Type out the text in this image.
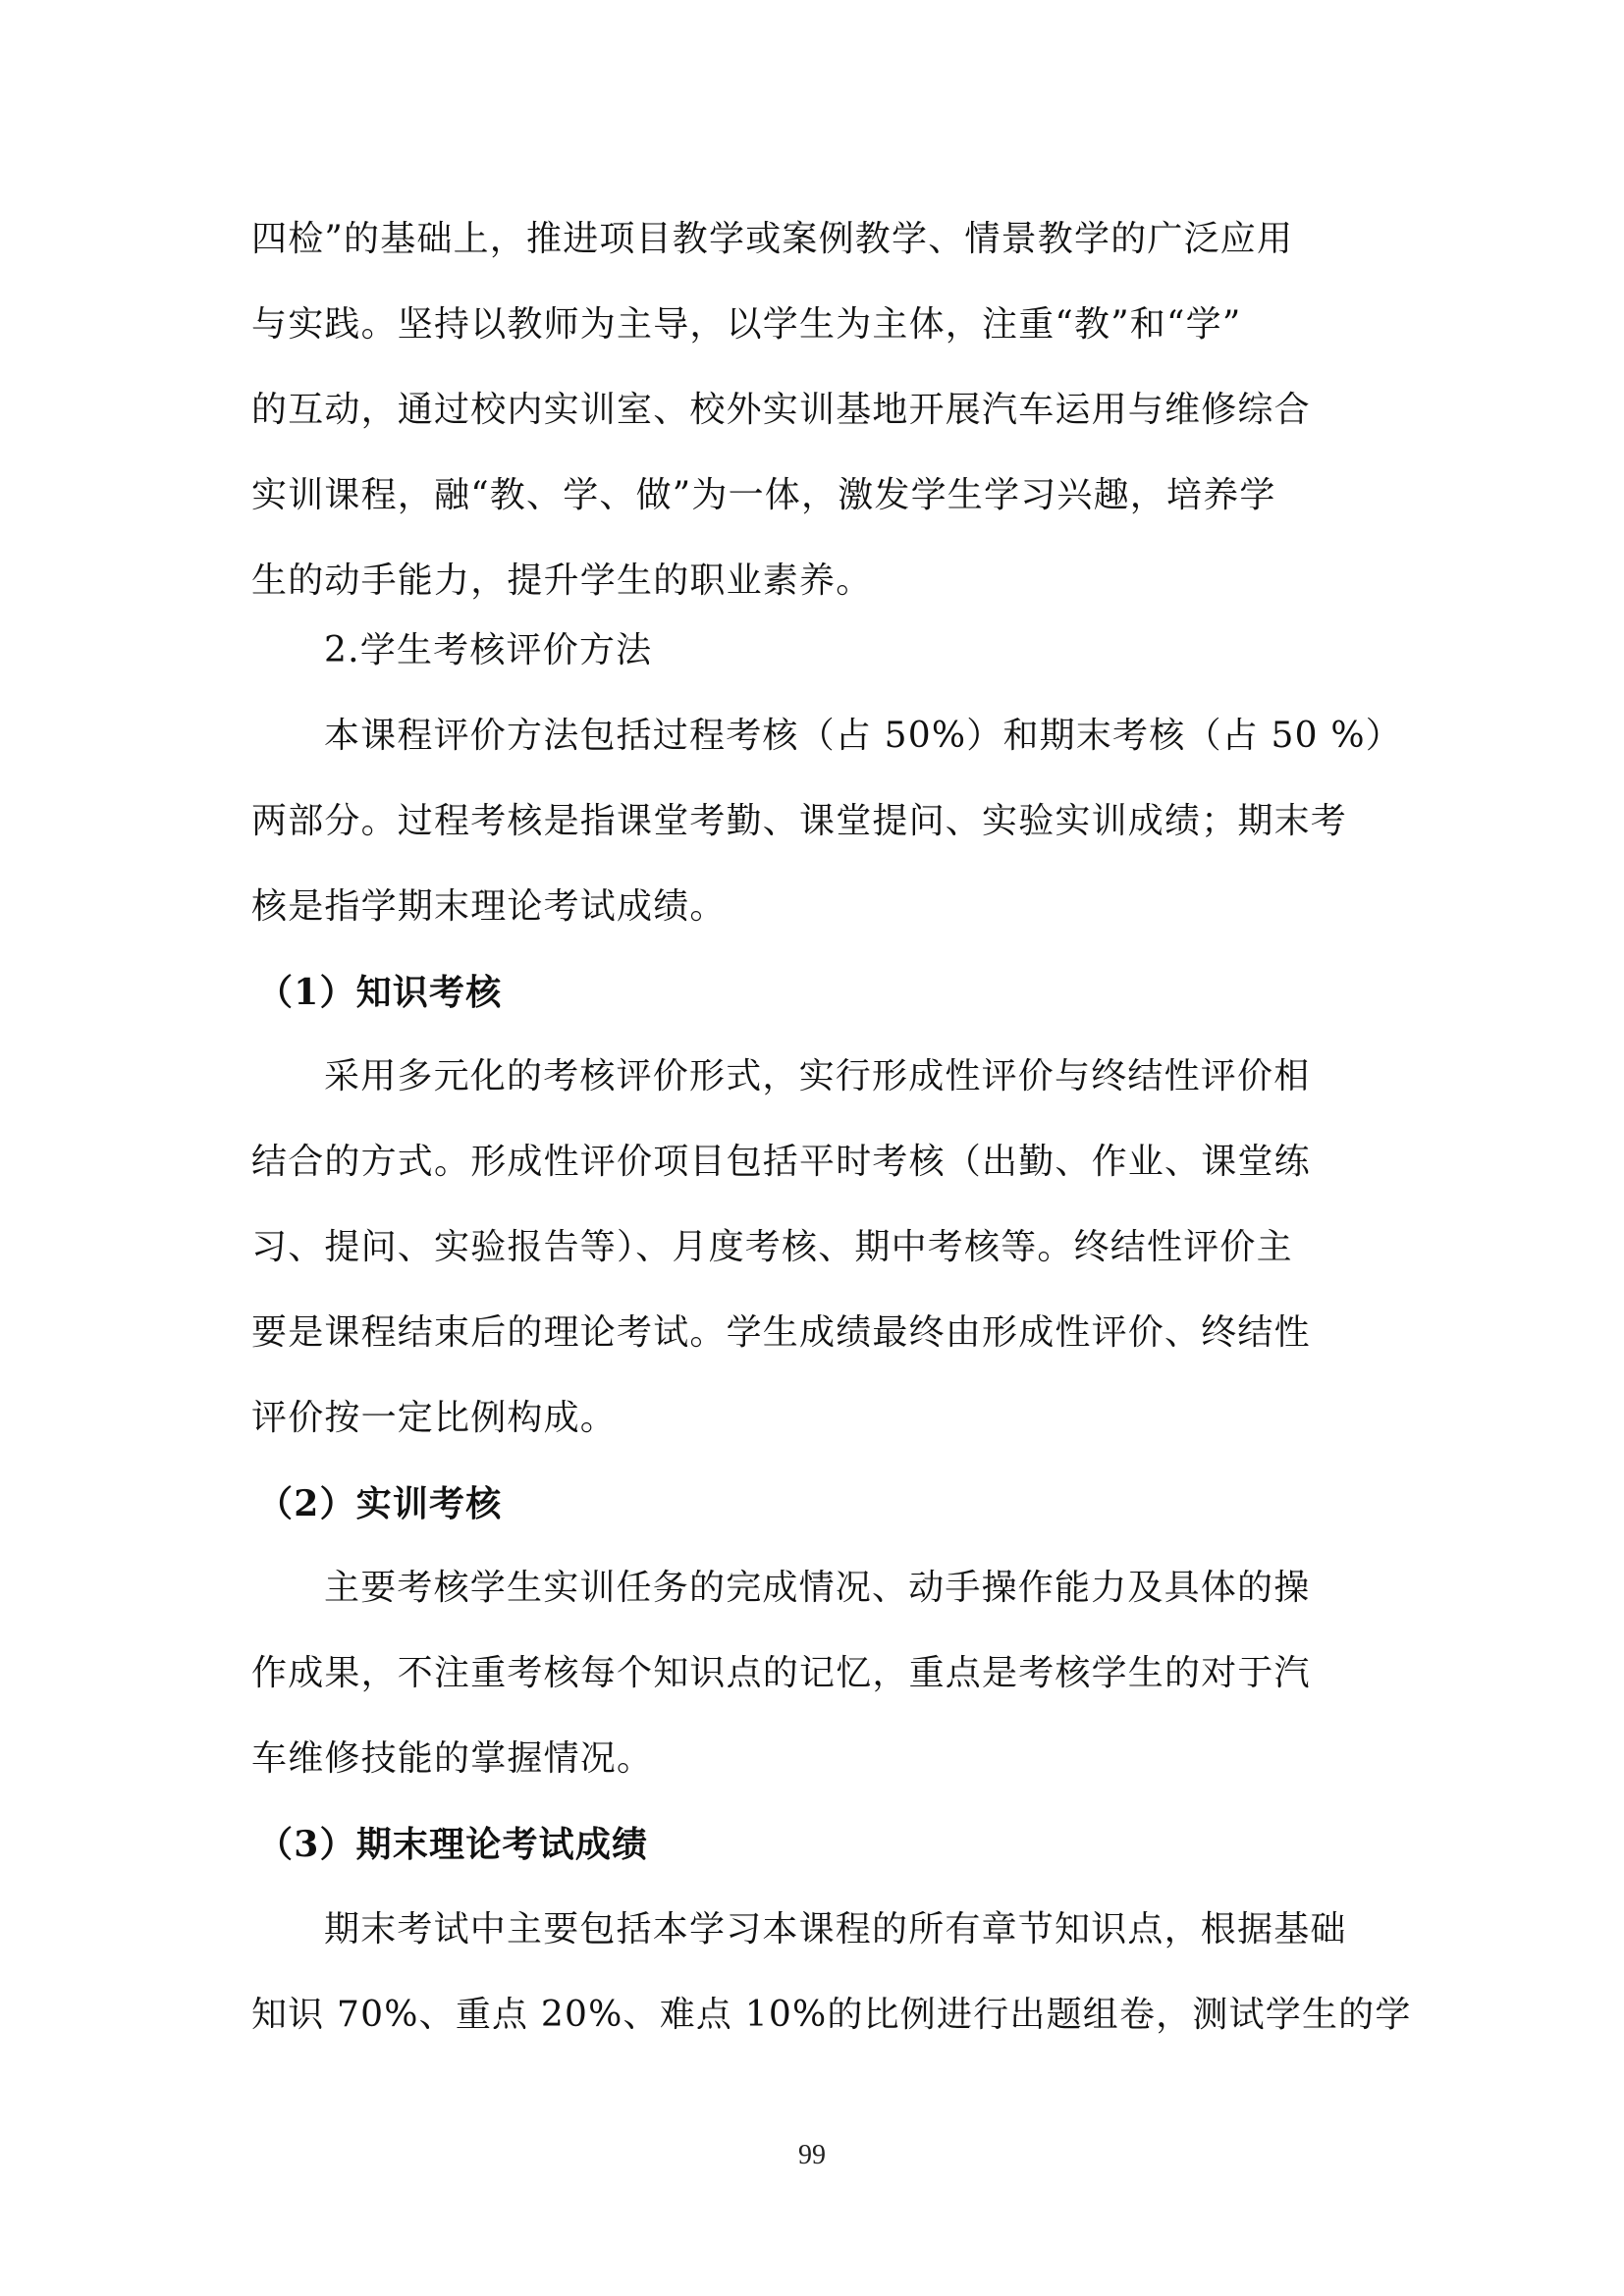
四检”的基础上，推进项目教学或案例教学、情景教学的广泛应用
与实践。坚持以教师为主导，以学生为主体，注重“教”和“学”
的互动，通过校内实训室、校外实训基地开展汽车运用与维修综合
实训课程，融“教、学、做”为一体，激发学生学习兴趣，培养学
生的动手能力，提升学生的职业素养。
2.学生考核评价方法
本课程评价方法包括过程考核（占 50%）和期末考核（占 50 %）
两部分。过程考核是指课堂考勤、课堂提问、实验实训成绩；期末考
核是指学期末理论考试成绩。
（1）知识考核
采用多元化的考核评价形式，实行形成性评价与终结性评价相
结合的方式。形成性评价项目包括平时考核（出勤、作业、课堂练
习、提问、实验报告等）、月度考核、期中考核等。终结性评价主
要是课程结束后的理论考试。学生成绩最终由形成性评价、终结性
评价按一定比例构成。
（2）实训考核
主要考核学生实训任务的完成情况、动手操作能力及具体的操
作成果，不注重考核每个知识点的记忆，重点是考核学生的对于汽
车维修技能的掌握情况。
（3）期末理论考试成绩
期末考试中主要包括本学习本课程的所有章节知识点，根据基础
知识 70%、重点 20%、难点 10%的比例进行出题组卷，测试学生的学
99
